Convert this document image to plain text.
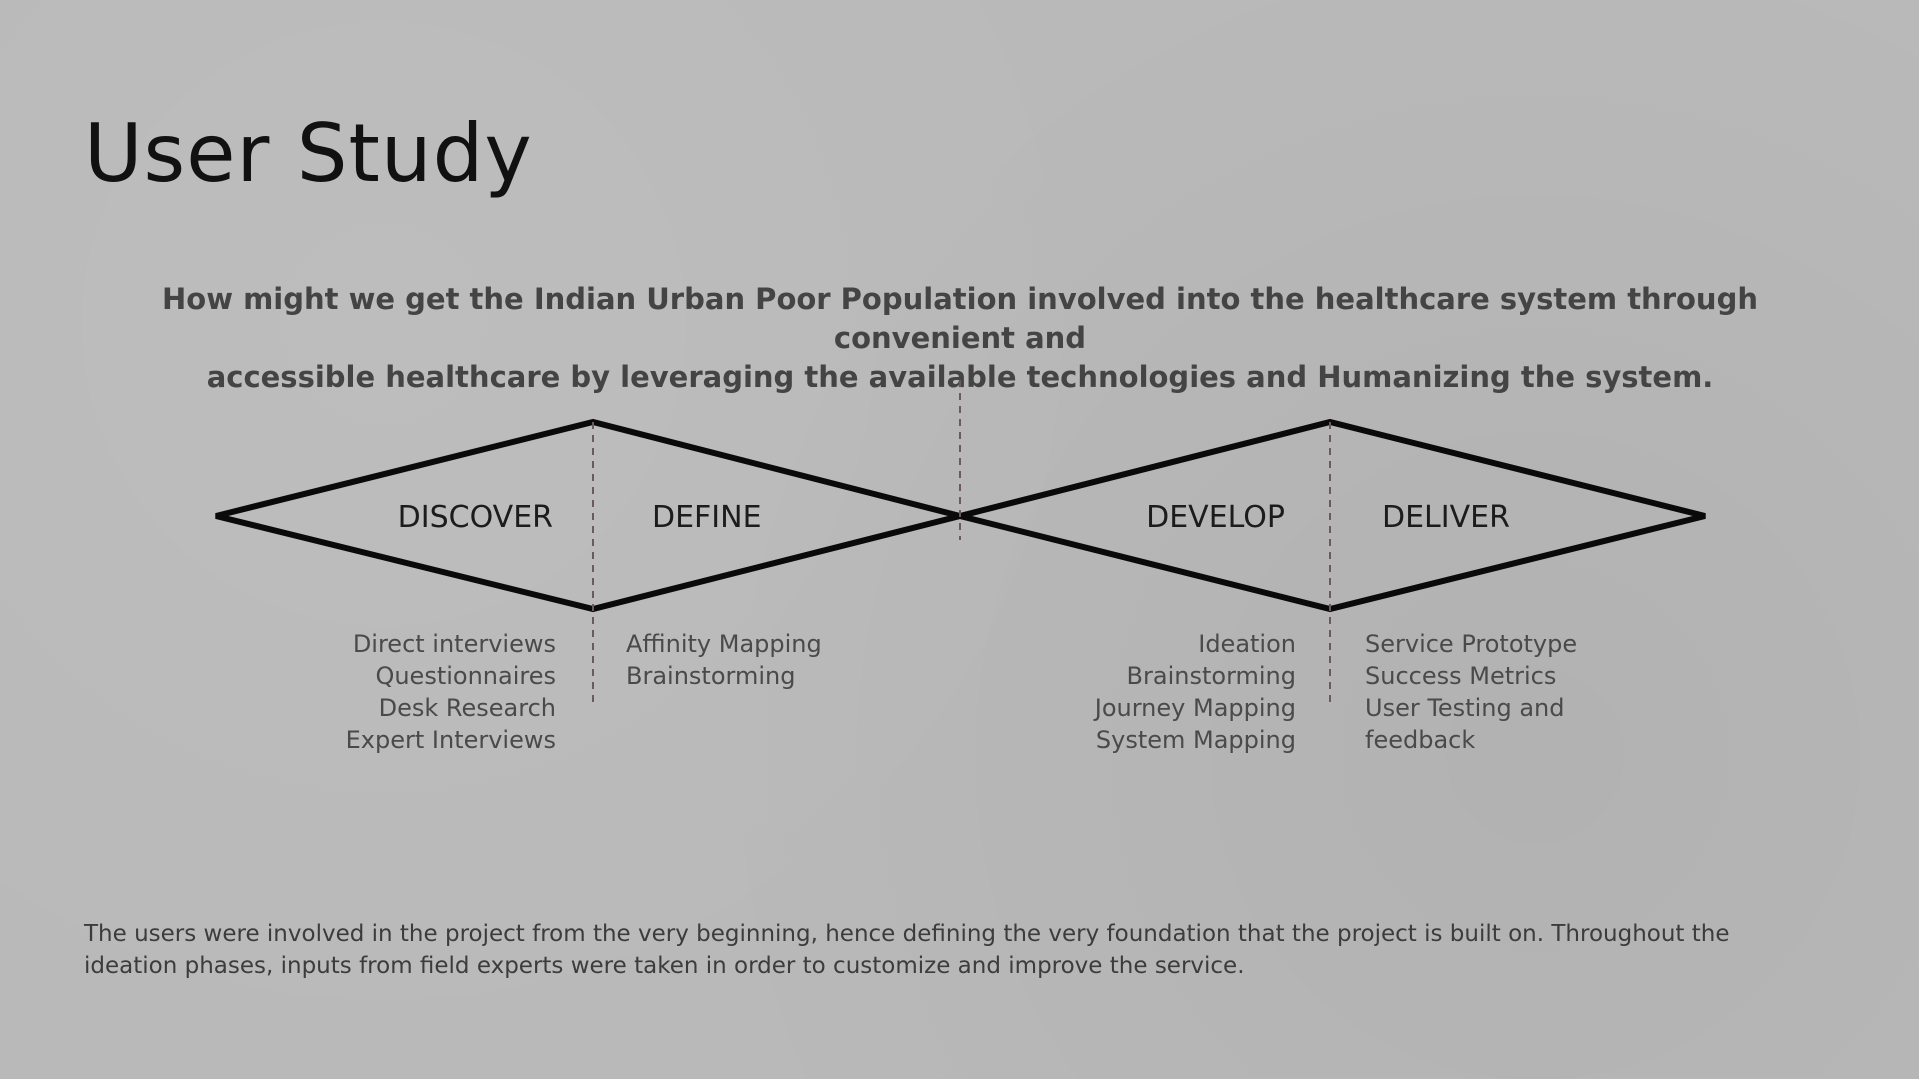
User Study

How might we get the Indian Urban Poor Population involved into the healthcare system through convenient and
accessible healthcare by leveraging the available technologies and Humanizing the system.

DISCOVER	DEFINE	DEVELOP	DELIVER
Direct interviews
Questionnaires
Desk Research
Expert Interviews
Affinity Mapping
Brainstorming
Ideation
Brainstorming
Journey Mapping
System Mapping
Service Prototype
Success Metrics
User Testing and
feedback

The users were involved in the project from the very beginning, hence defining the very foundation that the project is built on. Throughout the
ideation phases, inputs from field experts were taken in order to customize and improve the service.
